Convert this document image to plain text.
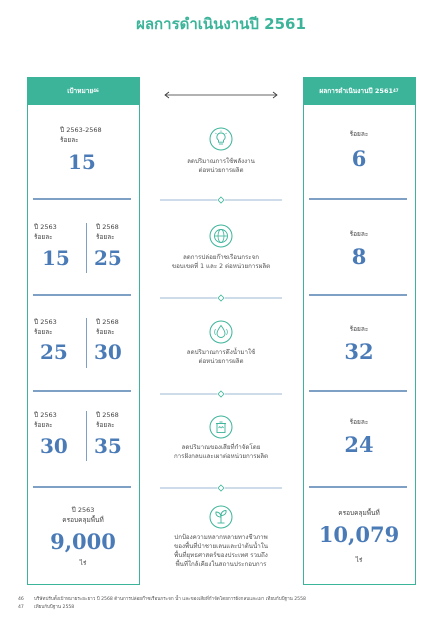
ผลการดำเนินงานปี 2561
เป้าหมาย 46
ปี 2563-2568
ร้อยละ
15
ปี 2563
ร้อยละ
15
ปี 2568
ร้อยละ
25
ปี 2563
ร้อยละ
25
ปี 2568
ร้อยละ
30
ปี 2563
ร้อยละ
30
ปี 2568
ร้อยละ
35
ปี 2563
ครอบคลุมพื้นที่
9,000
ไร่
ผลการดำเนินงานปี 2561 47
ร้อยละ
6
ร้อยละ
8
ร้อยละ
32
ร้อยละ
24
ครอบคลุมพื้นที่
10,079
ไร่
ลดปริมาณการใช้พลังงาน
ต่อหน่วยการผลิต
ลดการปล่อยก๊าซเรือนกระจก
ขอบเขตที่ 1 และ 2 ต่อหน่วยการผลิต
ลดปริมาณการดึงน้ำมาใช้
ต่อหน่วยการผลิต
ลดปริมาณของเสียที่กำจัดโดย
การฝังกลบและเผาต่อหน่วยการผลิต
ปกป้องความหลากหลายทางชีวภาพ
ของพื้นที่ป่าชายเลนและป่าต้นน้ำใน
พื้นที่ยุทธศาสตร์ของประเทศ รวมถึง
พื้นที่ใกล้เคียงในสถานประกอบการ
46 บริษัทปรับตั้งเป้าหมายระยะยาว ปี 2568 ด้านการปล่อยก๊าซเรือนกระจก น้ำ และของเสียที่กำจัดโดยการฝังกลบและเผา เทียบกับปีฐาน 2558
47 เทียบกับปีฐาน 2558
